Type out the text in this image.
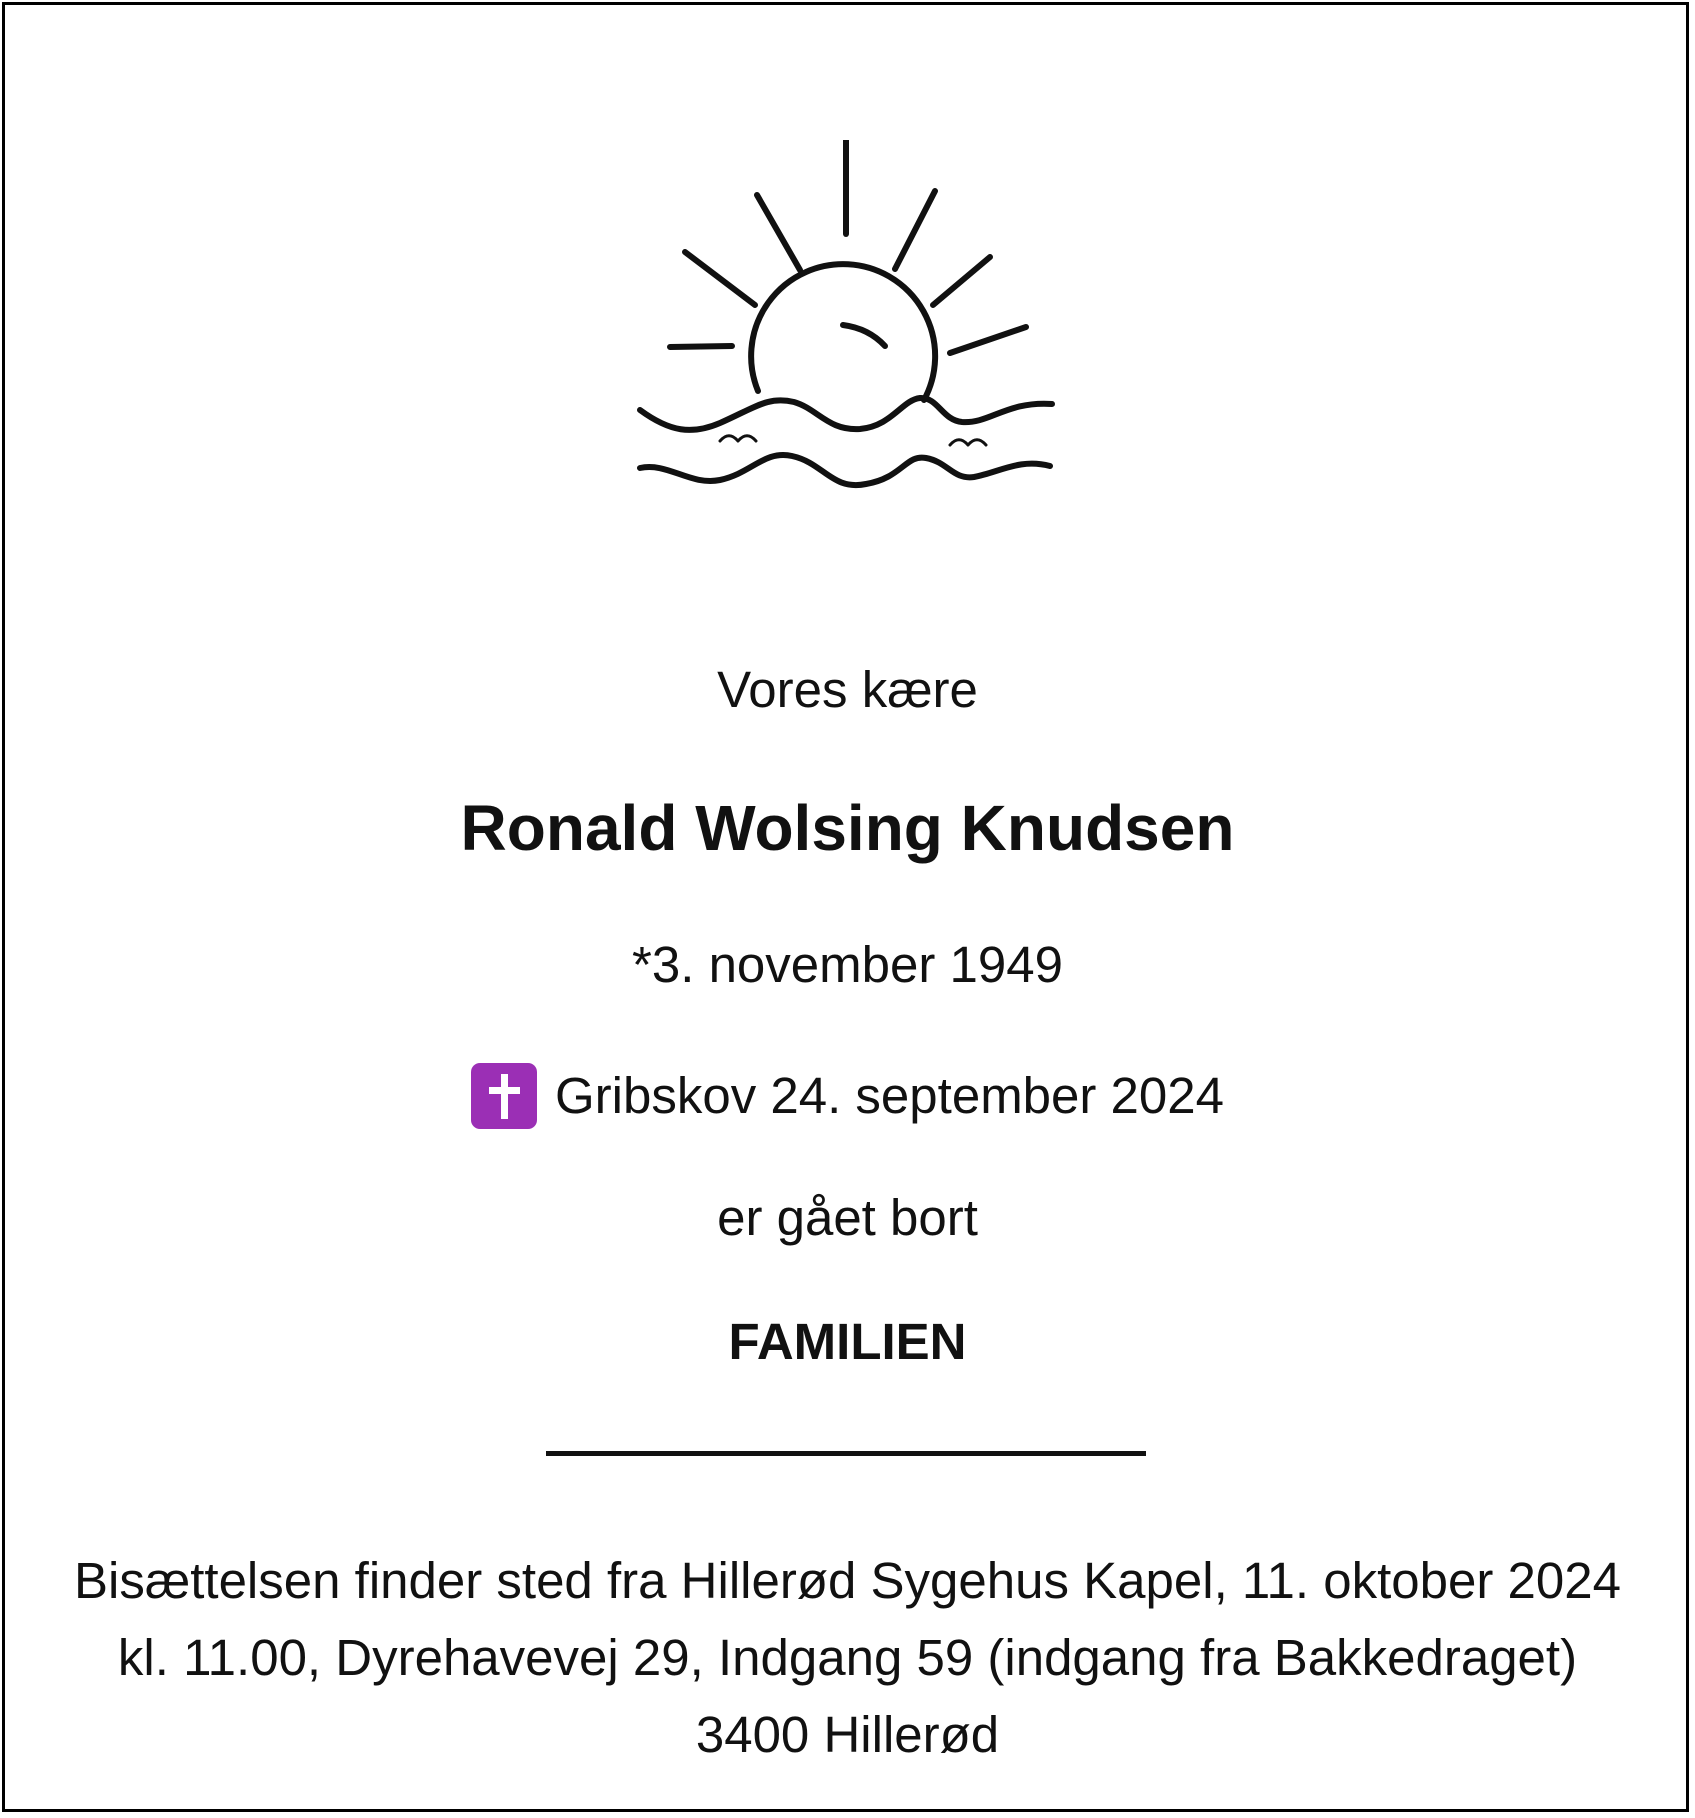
Vores kære
Ronald Wolsing Knudsen
*3. november 1949
Gribskov 24. september 2024
er gået bort
FAMILIEN
Bisættelsen finder sted fra Hillerød Sygehus Kapel, 11. oktober 2024 kl. 11.00, Dyrehavevej 29, Indgang 59 (indgang fra Bakkedraget) 3400 Hillerød
